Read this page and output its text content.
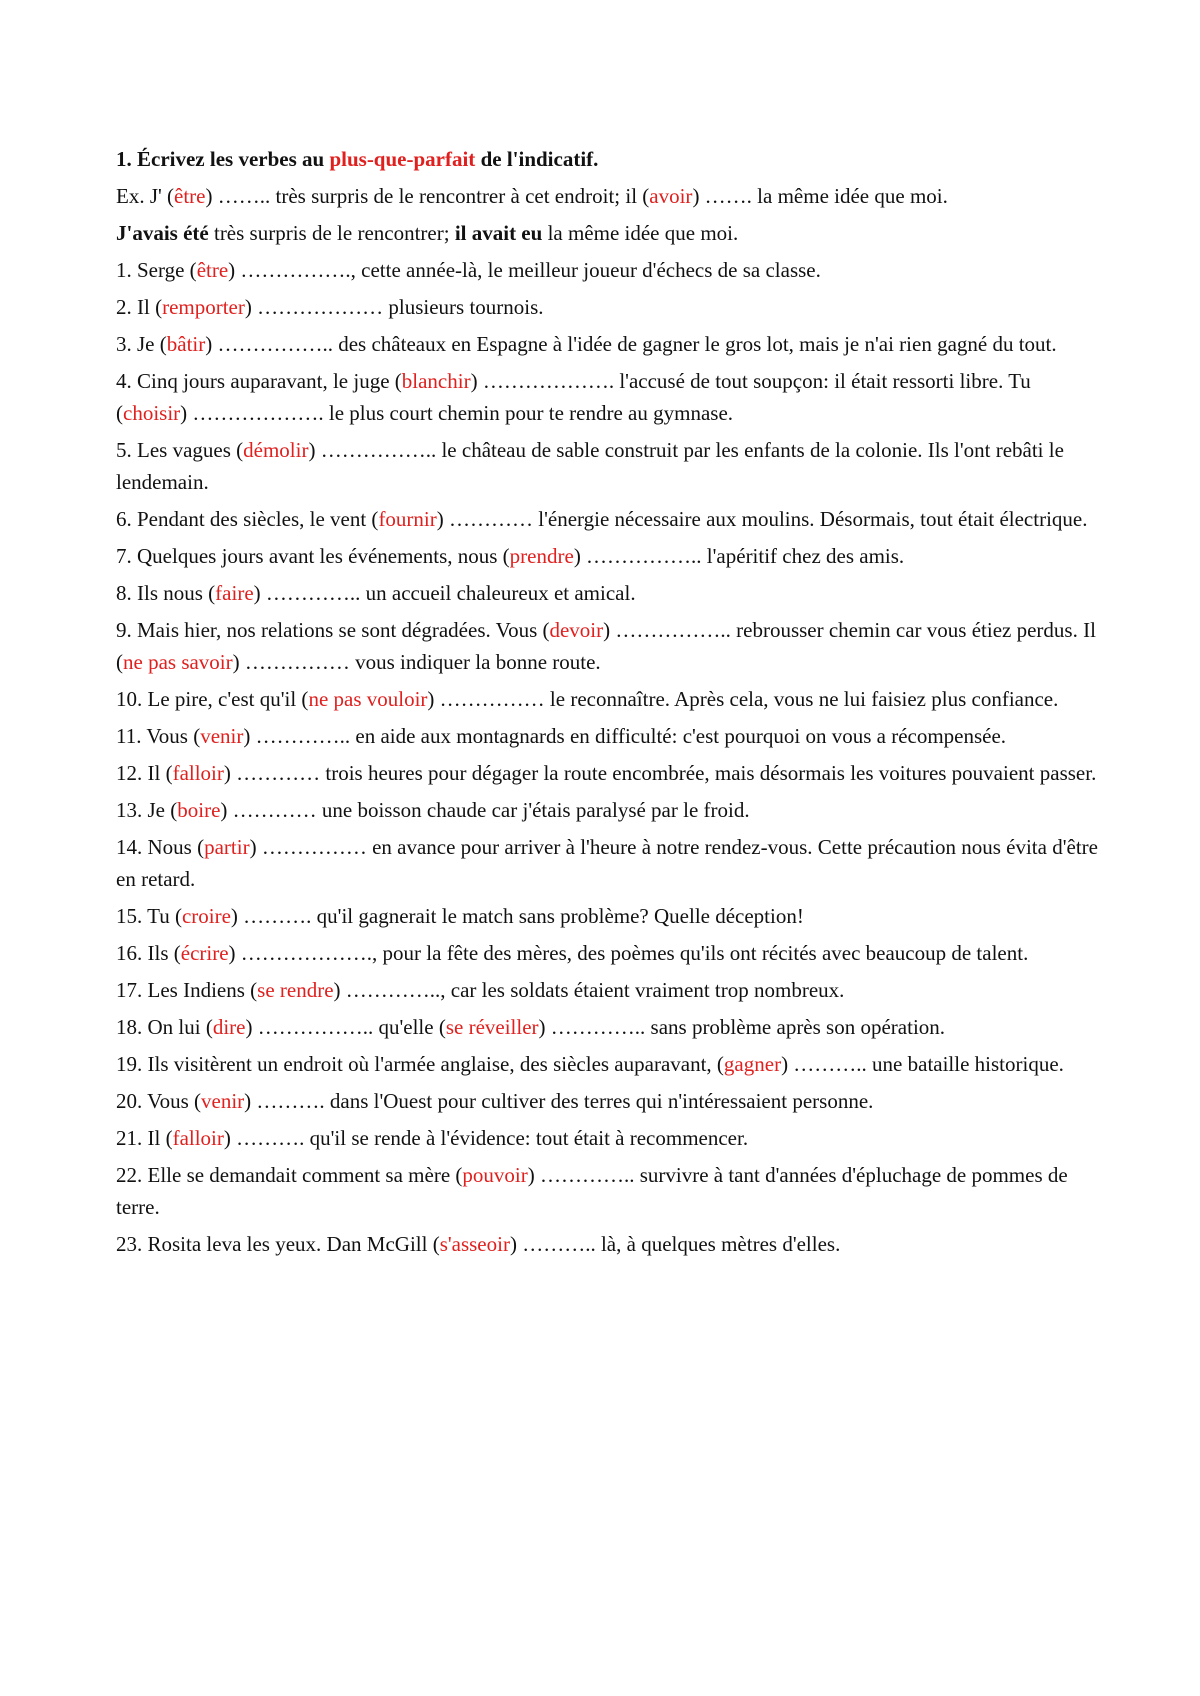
1. Écrivez les verbes au plus-que-parfait de l'indicatif.

Ex. J' (être) …….. très surpris de le rencontrer à cet endroit; il (avoir) ……. la même idée que moi.

J'avais été très surpris de le rencontrer; il avait eu la même idée que moi.

1. Serge (être) ……………., cette année-là, le meilleur joueur d'échecs de sa classe.

2. Il (remporter) ……………… plusieurs tournois.

3. Je (bâtir) …………….. des châteaux en Espagne à l'idée de gagner le gros lot, mais je n'ai rien gagné du tout.

4. Cinq jours auparavant, le juge (blanchir) ………………. l'accusé de tout soupçon: il était ressorti libre. Tu (choisir) ………………. le plus court chemin pour te rendre au gymnase.

5. Les vagues (démolir) …………….. le château de sable construit par les enfants de la colonie. Ils l'ont rebâti le lendemain.

6. Pendant des siècles, le vent (fournir) ………… l'énergie nécessaire aux moulins. Désormais, tout était électrique.

7. Quelques jours avant les événements, nous (prendre) …………….. l'apéritif chez des amis.

8. Ils nous (faire) ………….. un accueil chaleureux et amical.

9. Mais hier, nos relations se sont dégradées. Vous (devoir) …………….. rebrousser chemin car vous étiez perdus. Il (ne pas savoir) …………… vous indiquer la bonne route.

10. Le pire, c'est qu'il (ne pas vouloir) …………… le reconnaître. Après cela, vous ne lui faisiez plus confiance.

11. Vous (venir) ………….. en aide aux montagnards en difficulté: c'est pourquoi on vous a récompensée.

12. Il (falloir) ………… trois heures pour dégager la route encombrée, mais désormais les voitures pouvaient passer.

13. Je (boire) ………… une boisson chaude car j'étais paralysé par le froid.

14. Nous (partir) …………… en avance pour arriver à l'heure à notre rendez-vous. Cette précaution nous évita d'être en retard.

15. Tu (croire) ………. qu'il gagnerait le match sans problème? Quelle déception!

16. Ils (écrire) ………………., pour la fête des mères, des poèmes qu'ils ont récités avec beaucoup de talent.

17. Les Indiens (se rendre) ………….., car les soldats étaient vraiment trop nombreux.

18. On lui (dire) …………….. qu'elle (se réveiller) ………….. sans problème après son opération.

19. Ils visitèrent un endroit où l'armée anglaise, des siècles auparavant, (gagner) ……….. une bataille historique.

20. Vous (venir) ………. dans l'Ouest pour cultiver des terres qui n'intéressaient personne.

21. Il (falloir) ………. qu'il se rende à l'évidence: tout était à recommencer.

22. Elle se demandait comment sa mère (pouvoir) ………….. survivre à tant d'années d'épluchage de pommes de terre.

23. Rosita leva les yeux. Dan McGill (s'asseoir) ……….. là, à quelques mètres d'elles.
